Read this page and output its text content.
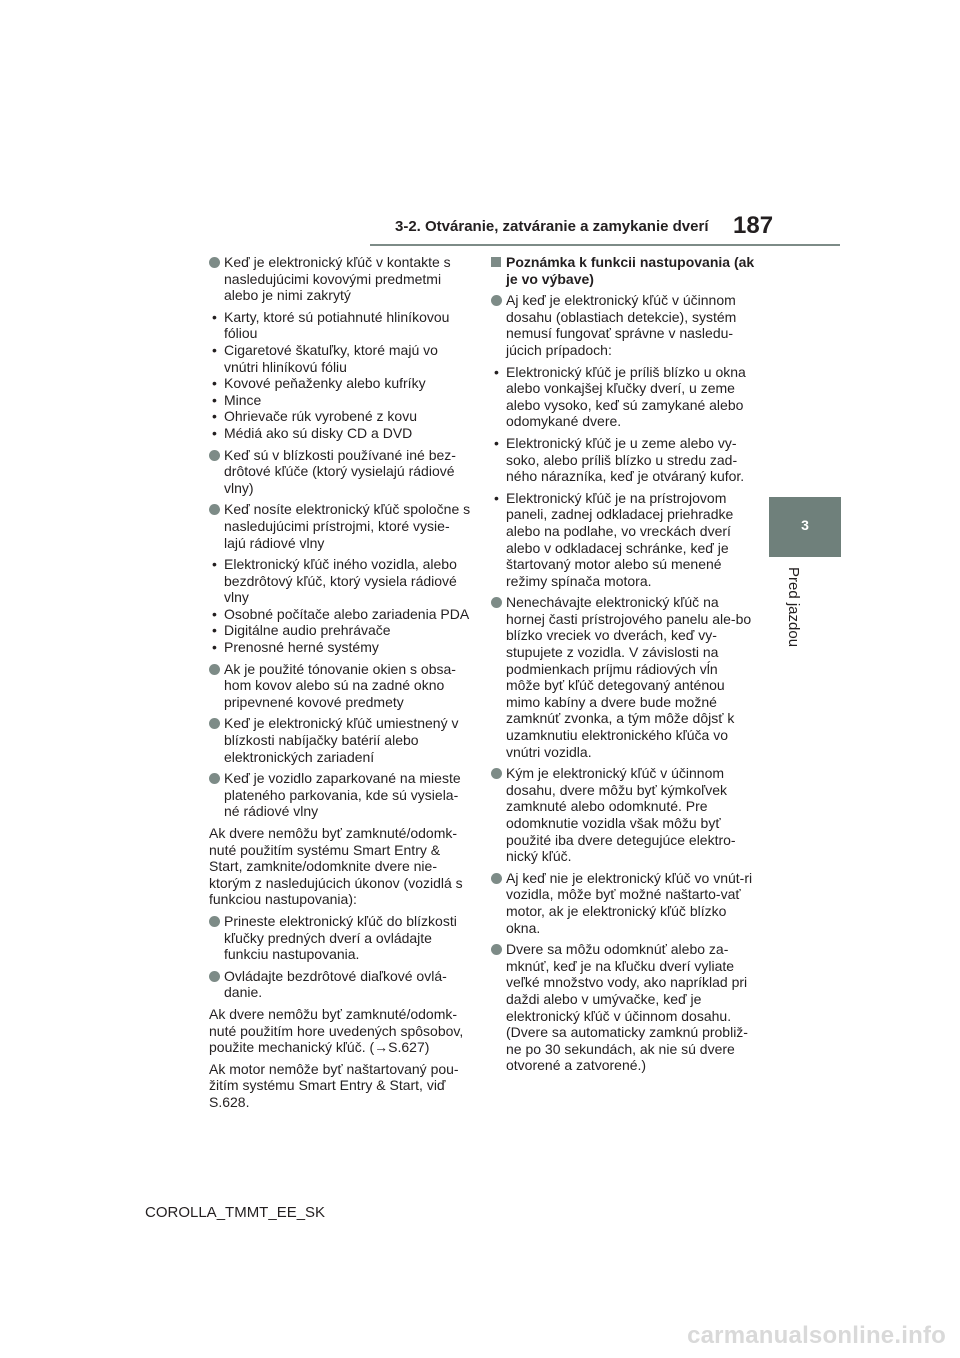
3-2. Otváranie, zatváranie a zamykanie dverí 187
3
Pred jazdou
Keď je elektronický kľúč v kontakte s nasledujúcimi kovovými predmetmi alebo je nimi zakrytý
• Karty, ktoré sú potiahnuté hliníkovou fóliou
• Cigaretové škatuľky, ktoré majú vo vnútri hliníkovú fóliu
• Kovové peňaženky alebo kufríky
• Mince
• Ohrievače rúk vyrobené z kovu
• Médiá ako sú disky CD a DVD
Keď sú v blízkosti používané iné bez-drôtové kľúče (ktorý vysielajú rádiové vlny)
Keď nosíte elektronický kľúč spoločne s nasledujúcimi prístrojmi, ktoré vysie-lajú rádiové vlny
• Elektronický kľúč iného vozidla, alebo bezdrôtový kľúč, ktorý vysiela rádiové vlny
• Osobné počítače alebo zariadenia PDA
• Digitálne audio prehrávače
• Prenosné herné systémy
Ak je použité tónovanie okien s obsa-hom kovov alebo sú na zadné okno pripevnené kovové predmety
Keď je elektronický kľúč umiestnený v blízkosti nabíjačky batérií alebo elektronických zariadení
Keď je vozidlo zaparkované na mieste plateného parkovania, kde sú vysiela-né rádiové vlny
Ak dvere nemôžu byť zamknuté/odomk-nuté použitím systému Smart Entry & Start, zamknite/odomknite dvere nie-ktorým z nasledujúcich úkonov (vozidlá s funkciou nastupovania):
Prineste elektronický kľúč do blízkosti kľučky predných dverí a ovládajte funkciu nastupovania.
Ovládajte bezdrôtové diaľkové ovlá-danie.
Ak dvere nemôžu byť zamknuté/odomk-nuté použitím hore uvedených spôsobov, použite mechanický kľúč. (→S.627)
Ak motor nemôže byť naštartovaný pou-žitím systému Smart Entry & Start, viď S.628.
Poznámka k funkcii nastupovania (ak je vo výbave)
Aj keď je elektronický kľúč v účinnom dosahu (oblastiach detekcie), systém nemusí fungovať správne v nasledu-júcich prípadoch:
• Elektronický kľúč je príliš blízko u okna alebo vonkajšej kľučky dverí, u zeme alebo vysoko, keď sú zamykané alebo odomykané dvere.
• Elektronický kľúč je u zeme alebo vy-soko, alebo príliš blízko u stredu zad-ného nárazníka, keď je otváraný kufor.
• Elektronický kľúč je na prístrojovom paneli, zadnej odkladacej priehradke alebo na podlahe, vo vreckách dverí alebo v odkladacej schránke, keď je štartovaný motor alebo sú menené režimy spínača motora.
Nenechávajte elektronický kľúč na hornej časti prístrojového panelu ale-bo blízko vreciek vo dverách, keď vy-stupujete z vozidla. V závislosti na podmienkach príjmu rádiových vĺn môže byť kľúč detegovaný anténou mimo kabíny a dvere bude možné zamknúť zvonka, a tým môže dôjsť k uzamknutiu elektronického kľúča vo vnútri vozidla.
Kým je elektronický kľúč v účinnom dosahu, dvere môžu byť kýmkoľvek zamknuté alebo odomknuté. Pre odomknutie vozidla však môžu byť použité iba dvere detegujúce elektro-nický kľúč.
Aj keď nie je elektronický kľúč vo vnút-ri vozidla, môže byť možné naštarto-vať motor, ak je elektronický kľúč blízko okna.
Dvere sa môžu odomknúť alebo za-mknúť, keď je na kľučku dverí vyliate veľké množstvo vody, ako napríklad pri daždi alebo v umývačke, keď je elektronický kľúč v účinnom dosahu. (Dvere sa automaticky zamknú probliž-ne po 30 sekundách, ak nie sú dvere otvorené a zatvorené.)
COROLLA_TMMT_EE_SK
carmanualsonline.info
